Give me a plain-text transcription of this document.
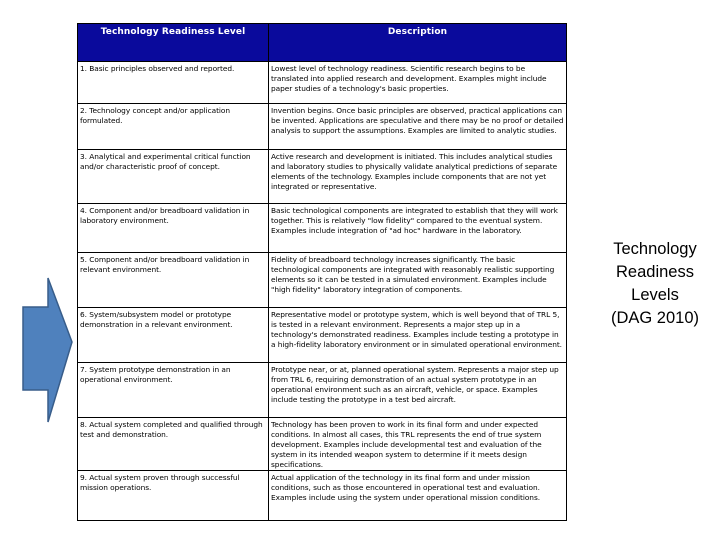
Technology Readiness Level	Description
1. Basic principles observed and reported.	Lowest level of technology readiness. Scientific research begins to be translated into applied research and development. Examples might include paper studies of a technology's basic properties.
2. Technology concept and/or application formulated.	Invention begins. Once basic principles are observed, practical applications can be invented. Applications are speculative and there may be no proof or detailed analysis to support the assumptions. Examples are limited to analytic studies.
3. Analytical and experimental critical function and/or characteristic proof of concept.	Active research and development is initiated. This includes analytical studies and laboratory studies to physically validate analytical predictions of separate elements of the technology. Examples include components that are not yet integrated or representative.
4. Component and/or breadboard validation in laboratory environment.	Basic technological components are integrated to establish that they will work together. This is relatively "low fidelity" compared to the eventual system. Examples include integration of "ad hoc" hardware in the laboratory.
5. Component and/or breadboard validation in relevant environment.	Fidelity of breadboard technology increases significantly. The basic technological components are integrated with reasonably realistic supporting elements so it can be tested in a simulated environment. Examples include "high fidelity" laboratory integration of components.
6. System/subsystem model or prototype demonstration in a relevant environment.	Representative model or prototype system, which is well beyond that of TRL 5, is tested in a relevant environment. Represents a major step up in a technology's demonstrated readiness. Examples include testing a prototype in a high-fidelity laboratory environment or in simulated operational environment.
7. System prototype demonstration in an operational environment.	Prototype near, or at, planned operational system. Represents a major step up from TRL 6, requiring demonstration of an actual system prototype in an operational environment such as an aircraft, vehicle, or space. Examples include testing the prototype in a test bed aircraft.
8. Actual system completed and qualified through test and demonstration.	Technology has been proven to work in its final form and under expected conditions. In almost all cases, this TRL represents the end of true system development. Examples include developmental test and evaluation of the system in its intended weapon system to determine if it meets design specifications.
9. Actual system proven through successful mission operations.	Actual application of the technology in its final form and under mission conditions, such as those encountered in operational test and evaluation. Examples include using the system under operational mission conditions.
Technology
Readiness
Levels
(DAG 2010)
